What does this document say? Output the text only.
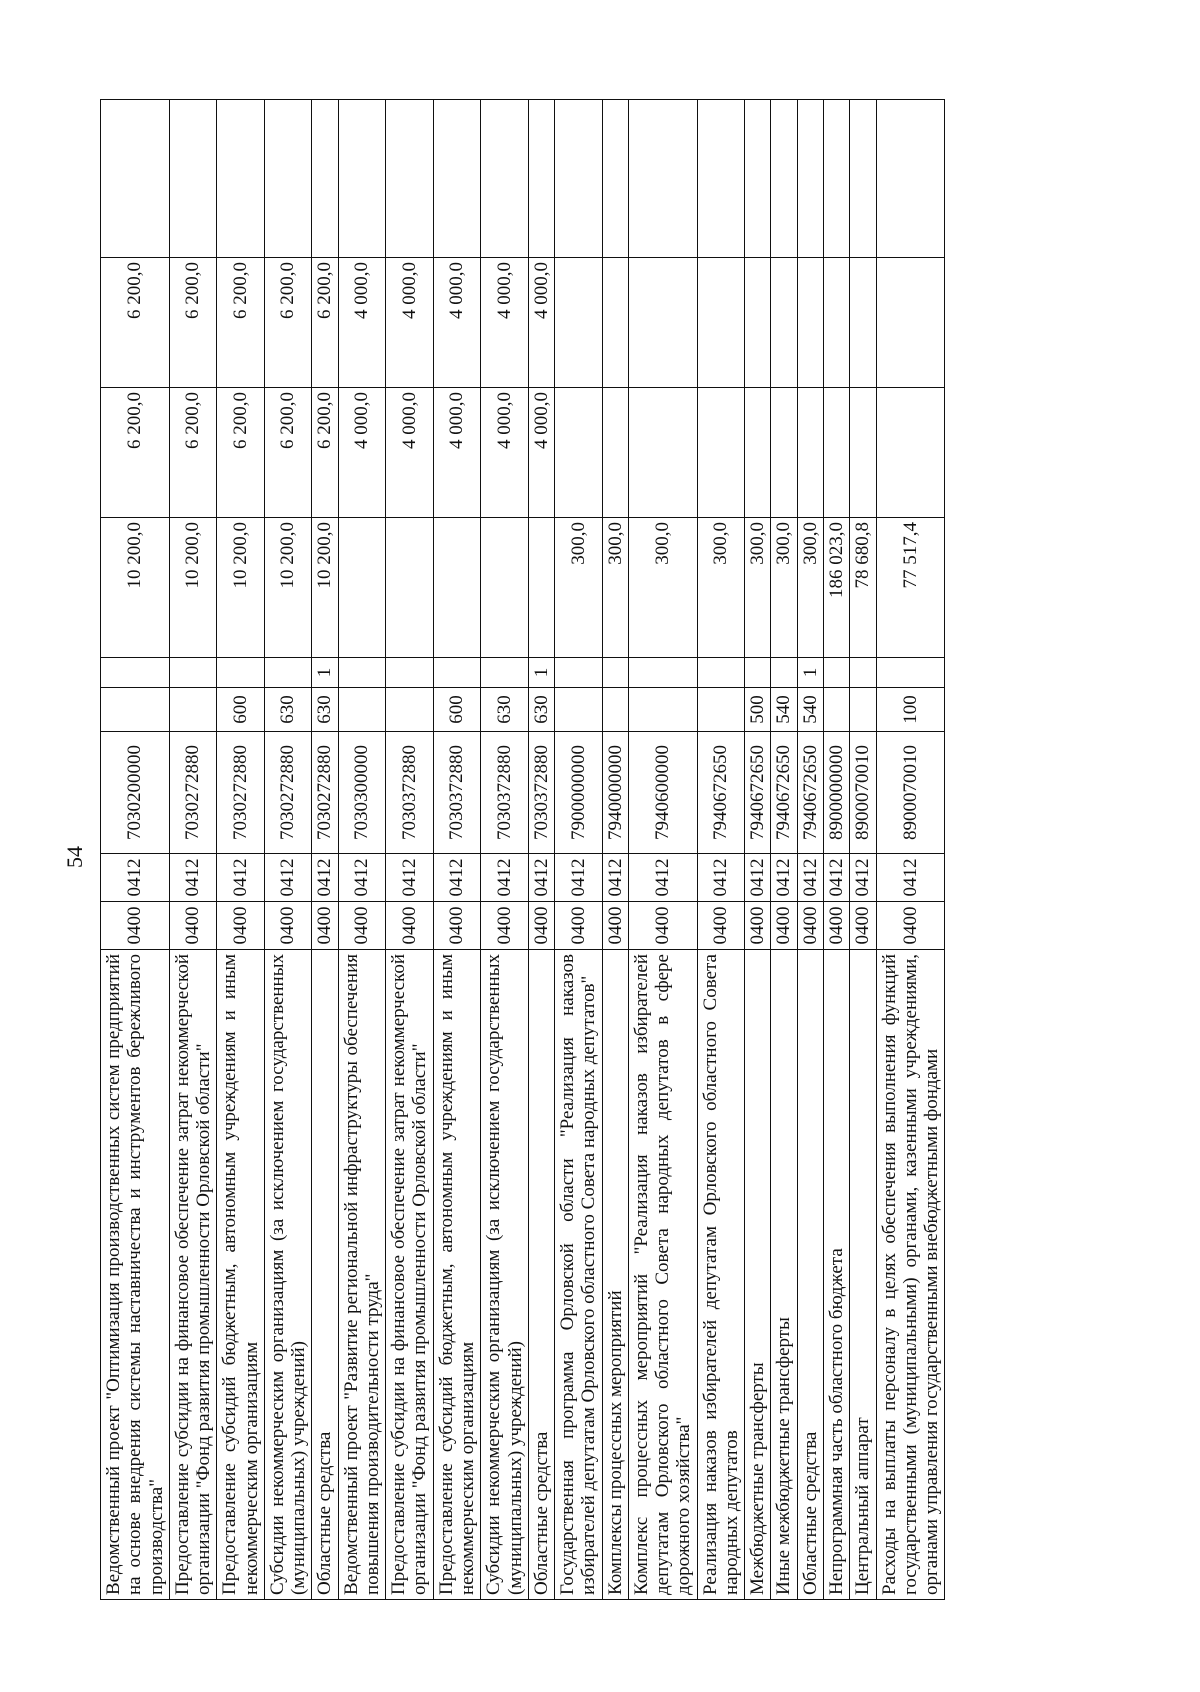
54
Ведомственный проект "Оптимизация производственных систем предприятий на основе внедрения системы наставничества и инструментов бережливого производства"	0400	0412	7030200000			10 200,0	6 200,0	6 200,0	
Предоставление субсидии на финансовое обеспечение затрат некоммерческой организации "Фонд развития промышленности Орловской области"	0400	0412	7030272880			10 200,0	6 200,0	6 200,0	
Предоставление субсидий бюджетным, автономным учреждениям и иным некоммерческим организациям	0400	0412	7030272880	600		10 200,0	6 200,0	6 200,0	
Субсидии некоммерческим организациям (за исключением государственных (муниципальных) учреждений)	0400	0412	7030272880	630		10 200,0	6 200,0	6 200,0	
Областные средства	0400	0412	7030272880	630	1	10 200,0	6 200,0	6 200,0	
Ведомственный проект "Развитие региональной инфраструктуры обеспечения повышения производительности труда"	0400	0412	7030300000				4 000,0	4 000,0	
Предоставление субсидии на финансовое обеспечение затрат некоммерческой организации "Фонд развития промышленности Орловской области"	0400	0412	7030372880				4 000,0	4 000,0	
Предоставление субсидий бюджетным, автономным учреждениям и иным некоммерческим организациям	0400	0412	7030372880	600			4 000,0	4 000,0	
Субсидии некоммерческим организациям (за исключением государственных (муниципальных) учреждений)	0400	0412	7030372880	630			4 000,0	4 000,0	
Областные средства	0400	0412	7030372880	630	1		4 000,0	4 000,0	
Государственная программа Орловской области "Реализация наказов избирателей депутатам Орловского областного Совета народных депутатов"	0400	0412	7900000000			300,0			
Комплексы процессных мероприятий	0400	0412	7940000000			300,0			
Комплекс процессных мероприятий "Реализация наказов избирателей депутатам Орловского областного Совета народных депутатов в сфере дорожного хозяйства"	0400	0412	7940600000			300,0			
Реализация наказов избирателей депутатам Орловского областного Совета народных депутатов	0400	0412	7940672650			300,0			
Межбюджетные трансферты	0400	0412	7940672650	500		300,0			
Иные межбюджетные трансферты	0400	0412	7940672650	540		300,0			
Областные средства	0400	0412	7940672650	540	1	300,0			
Непрограммная часть областного бюджета	0400	0412	8900000000			186 023,0			
Центральный аппарат	0400	0412	8900070010			78 680,8			
Расходы на выплаты персоналу в целях обеспечения выполнения функций государственными (муниципальными) органами, казенными учреждениями, органами управления государственными внебюджетными фондами	0400	0412	8900070010	100		77 517,4			
